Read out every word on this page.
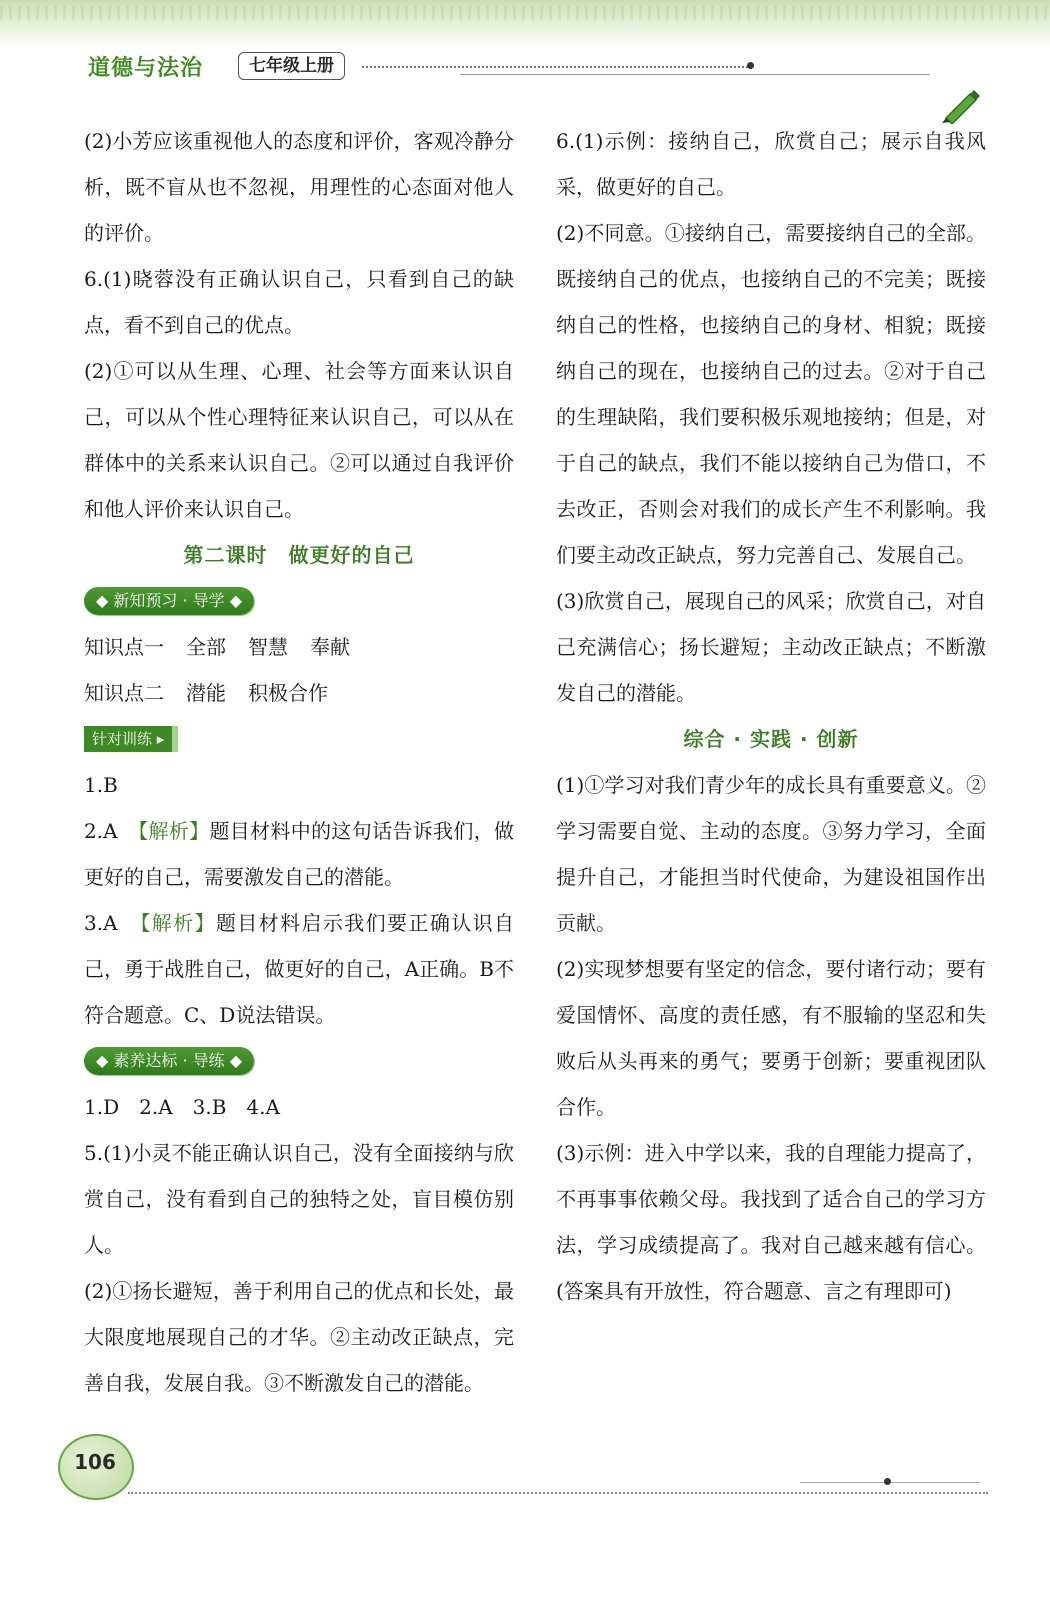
道德与法治	七年级上册

(2)小芳应该重视他人的态度和评价，客观冷静分析，既不盲从也不忽视，用理性的心态面对他人的评价。

6.(1)晓蓉没有正确认识自己，只看到自己的缺点，看不到自己的优点。

(2)①可以从生理、心理、社会等方面来认识自己，可以从个性心理特征来认识自己，可以从在群体中的关系来认识自己。②可以通过自我评价和他人评价来认识自己。

第二课时　做更好的自己
◆ 新知预习 · 导学 ◆
知识点一 全部 智慧 奉献
知识点二 潜能 积极合作
针对训练 ▸

1.B

2.A　【解析】题目材料中的这句话告诉我们，做更好的自己，需要激发自己的潜能。

3.A　【解析】题目材料启示我们要正确认识自己，勇于战胜自己，做更好的自己，A正确。B不符合题意。C、D说法错误。

◆ 素养达标 · 导练 ◆

1.D　2.A　3.B　4.A

5.(1)小灵不能正确认识自己，没有全面接纳与欣赏自己，没有看到自己的独特之处，盲目模仿别人。

(2)①扬长避短，善于利用自己的优点和长处，最大限度地展现自己的才华。②主动改正缺点，完善自我，发展自我。③不断激发自己的潜能。

6.(1)示例：接纳自己，欣赏自己；展示自我风采，做更好的自己。

(2)不同意。①接纳自己，需要接纳自己的全部。既接纳自己的优点，也接纳自己的不完美；既接纳自己的性格，也接纳自己的身材、相貌；既接纳自己的现在，也接纳自己的过去。②对于自己的生理缺陷，我们要积极乐观地接纳；但是，对于自己的缺点，我们不能以接纳自己为借口，不去改正，否则会对我们的成长产生不利影响。我们要主动改正缺点，努力完善自己、发展自己。

(3)欣赏自己，展现自己的风采；欣赏自己，对自己充满信心；扬长避短；主动改正缺点；不断激发自己的潜能。

综合 · 实践 · 创新

(1)①学习对我们青少年的成长具有重要意义。②学习需要自觉、主动的态度。③努力学习，全面提升自己，才能担当时代使命，为建设祖国作出贡献。

(2)实现梦想要有坚定的信念，要付诸行动；要有爱国情怀、高度的责任感，有不服输的坚忍和失败后从头再来的勇气；要勇于创新；要重视团队合作。

(3)示例：进入中学以来，我的自理能力提高了，不再事事依赖父母。我找到了适合自己的学习方法，学习成绩提高了。我对自己越来越有信心。(答案具有开放性，符合题意、言之有理即可)

106
